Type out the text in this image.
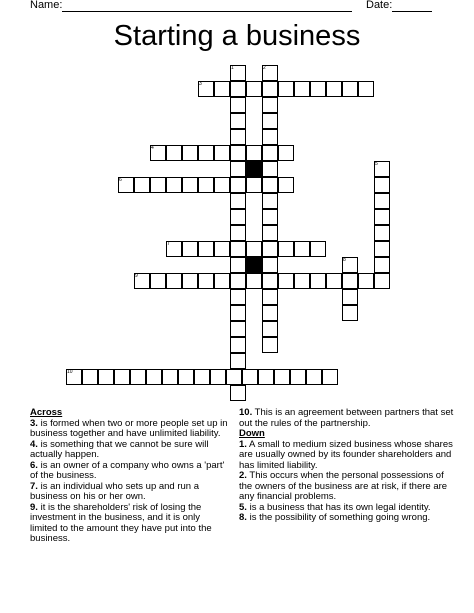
Name:	Date:
Starting a business
1	2
3
4
5
6
7
8
9
10
Across
3. is formed when two or more people set up in business together and have unlimited liability.
4. is something that we cannot be sure will actually happen.
6. is an owner of a company who owns a 'part' of the business.
7. is an individual who sets up and run a business on his or her own.
9. it is the shareholders' risk of losing the investment in the business, and it is only limited to the amount they have put into the business.
10. This is an agreement between partners that set out the rules of the partnership.
Down
1. A small to medium sized business whose shares are usually owned by its founder shareholders and has limited liability.
2. This occurs when the personal possessions of the owners of the business are at risk, if there are any financial problems.
5. is a business that has its own legal identity.
8. is the possibility of something going wrong.
